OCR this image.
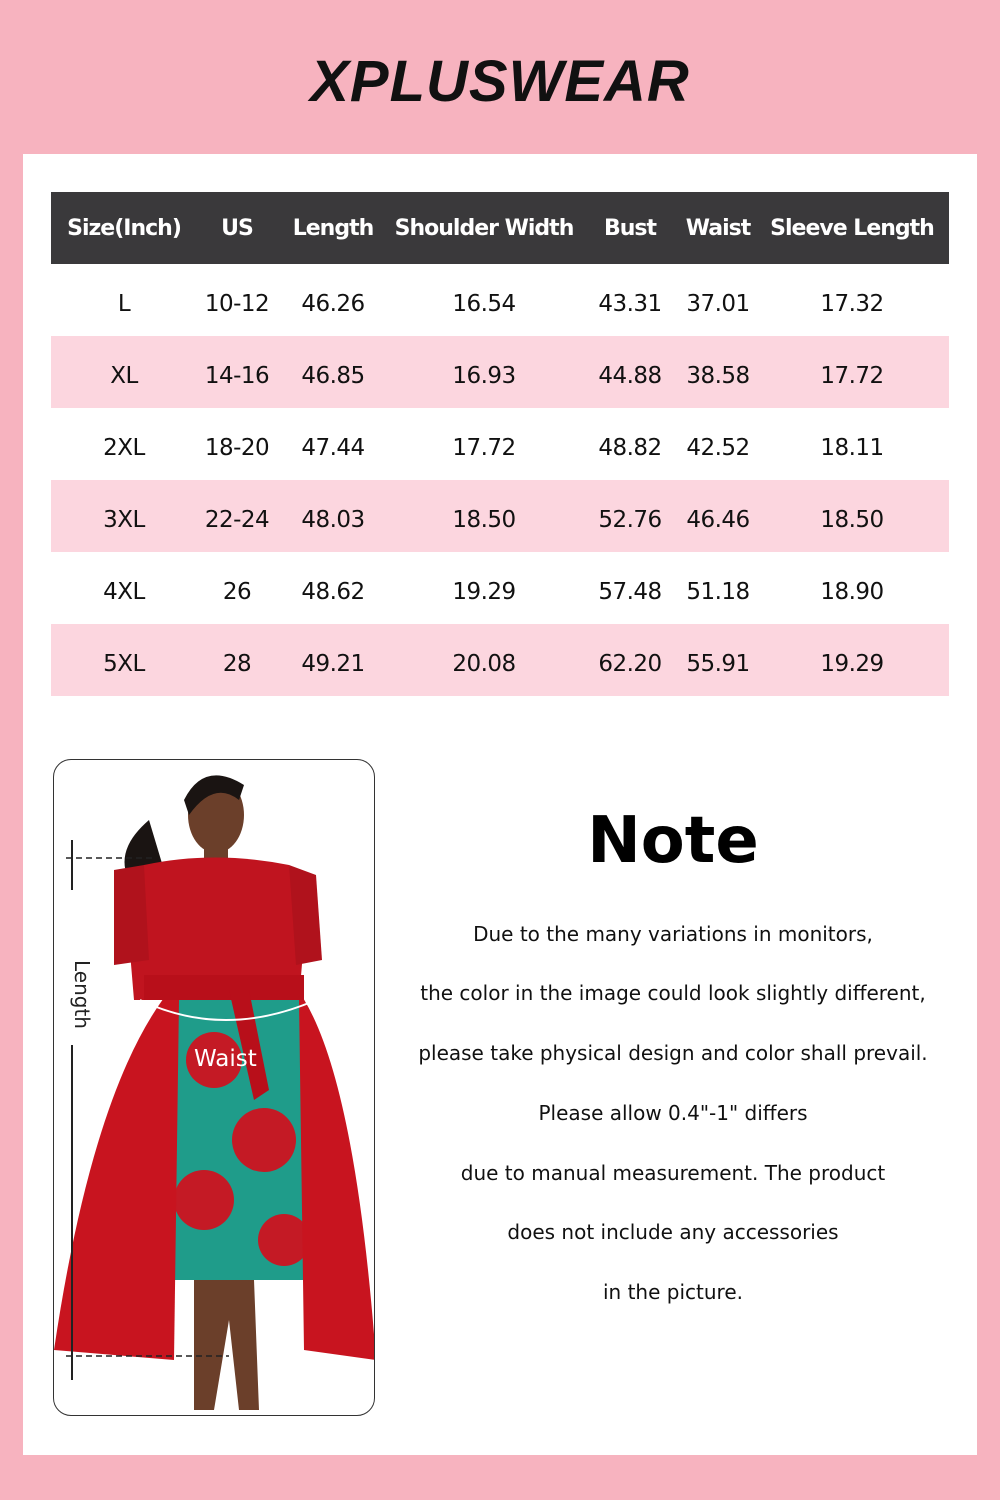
XPLUSWEAR
Size(Inch)	US	Length	Shoulder Width	Bust	Waist	Sleeve Length
L	10-12	46.26	16.54	43.31	37.01	17.32
XL	14-16	46.85	16.93	44.88	38.58	17.72
2XL	18-20	47.44	17.72	48.82	42.52	18.11
3XL	22-24	48.03	18.50	52.76	46.46	18.50
4XL	26	48.62	19.29	57.48	51.18	18.90
5XL	28	49.21	20.08	62.20	55.91	19.29
Length
Waist
Note
Due to the many variations in monitors,
the color in the image could look slightly different,
please take physical design and color shall prevail.
Please allow 0.4"-1" differs
due to manual measurement. The product
does not include any accessories
in the picture.
